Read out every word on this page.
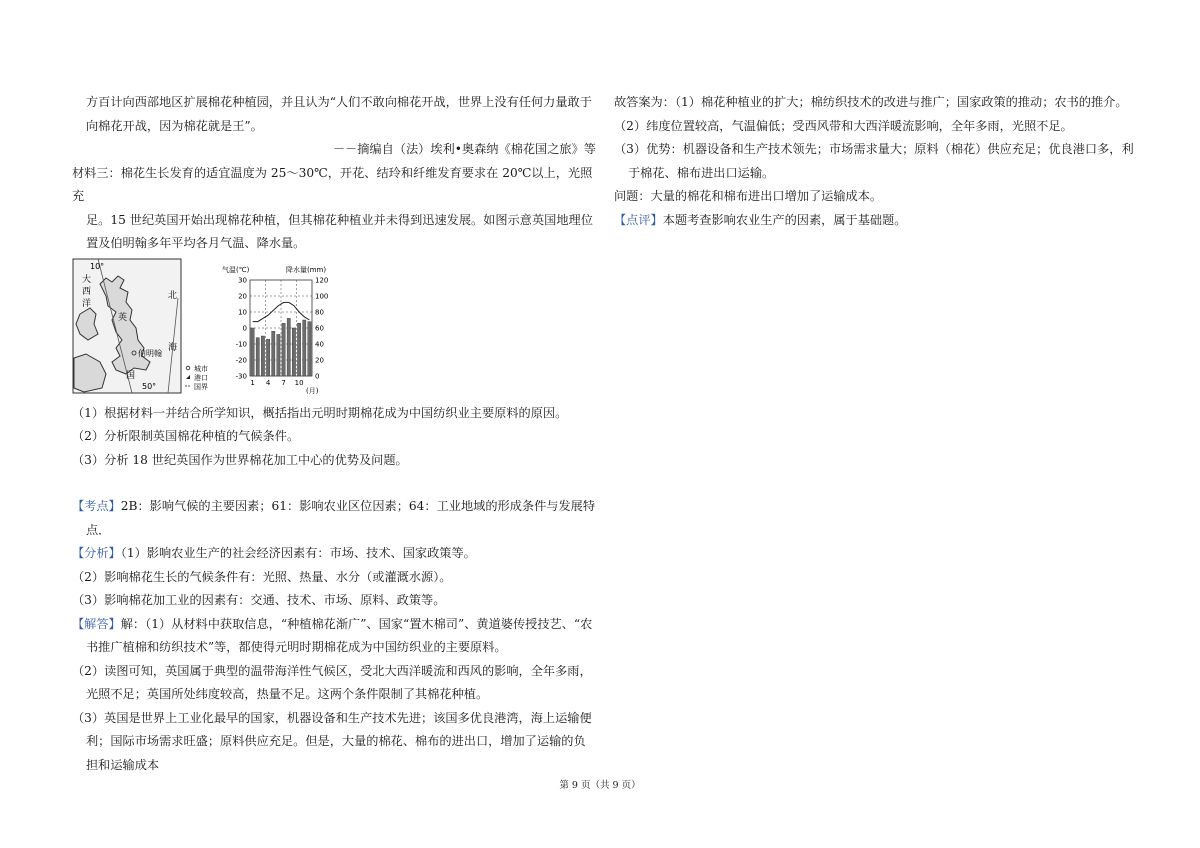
方百计向西部地区扩展棉花种植园，并且认为“人们不敢向棉花开战，世界上没有任何力量敢于

向棉花开战，因为棉花就是王”。

－－摘编自（法）埃利•奥森纳《棉花国之旅》等

材料三：棉花生长发育的适宜温度为 25～30℃，开花、结玲和纤维发育要求在 20℃以上，光照充

足。15 世纪英国开始出现棉花种植，但其棉花种植业并未得到迅速发展。如图示意英国地理位

置及伯明翰多年平均各月气温、降水量。

10°
50°
大
西
洋
北
海
英
国
伯明翰
城市
港口
国界
气温(℃)	降水量(mm)
30
20
10
0
-10
-20
-30
120
100
80
60
40
20
0
1 4 7 10
(月)

（1）根据材料一并结合所学知识，概括指出元明时期棉花成为中国纺织业主要原料的原因。

（2）分析限制英国棉花种植的气候条件。

（3）分析 18 世纪英国作为世界棉花加工中心的优势及问题。

【考点】2B：影响气候的主要因素；61：影响农业区位因素；64：工业地域的形成条件与发展特

点．

【分析】（1）影响农业生产的社会经济因素有：市场、技术、国家政策等。

（2）影响棉花生长的气候条件有：光照、热量、水分（或灌溉水源）。

（3）影响棉花加工业的因素有：交通、技术、市场、原料、政策等。

【解答】解：（1）从材料中获取信息，“种植棉花渐广”、国家“置木棉司”、黄道婆传授技艺、“农

书推广植棉和纺织技术”等，都使得元明时期棉花成为中国纺织业的主要原料。

（2）读图可知，英国属于典型的温带海洋性气候区，受北大西洋暖流和西风的影响，全年多雨，

光照不足；英国所处纬度较高，热量不足。这两个条件限制了其棉花种植。

（3）英国是世界上工业化最早的国家，机器设备和生产技术先进；该国多优良港湾，海上运输便

利；国际市场需求旺盛；原料供应充足。但是，大量的棉花、棉布的进出口，增加了运输的负

担和运输成本

故答案为：（1）棉花种植业的扩大；棉纺织技术的改进与推广；国家政策的推动；农书的推介。

（2）纬度位置较高，气温偏低；受西风带和大西洋暖流影响，全年多雨，光照不足。

（3）优势：机器设备和生产技术领先；市场需求量大；原料（棉花）供应充足；优良港口多，利

于棉花、棉布进出口运输。

问题：大量的棉花和棉布进出口增加了运输成本。

【点评】本题考查影响农业生产的因素，属于基础题。

第 9 页（共 9 页）
